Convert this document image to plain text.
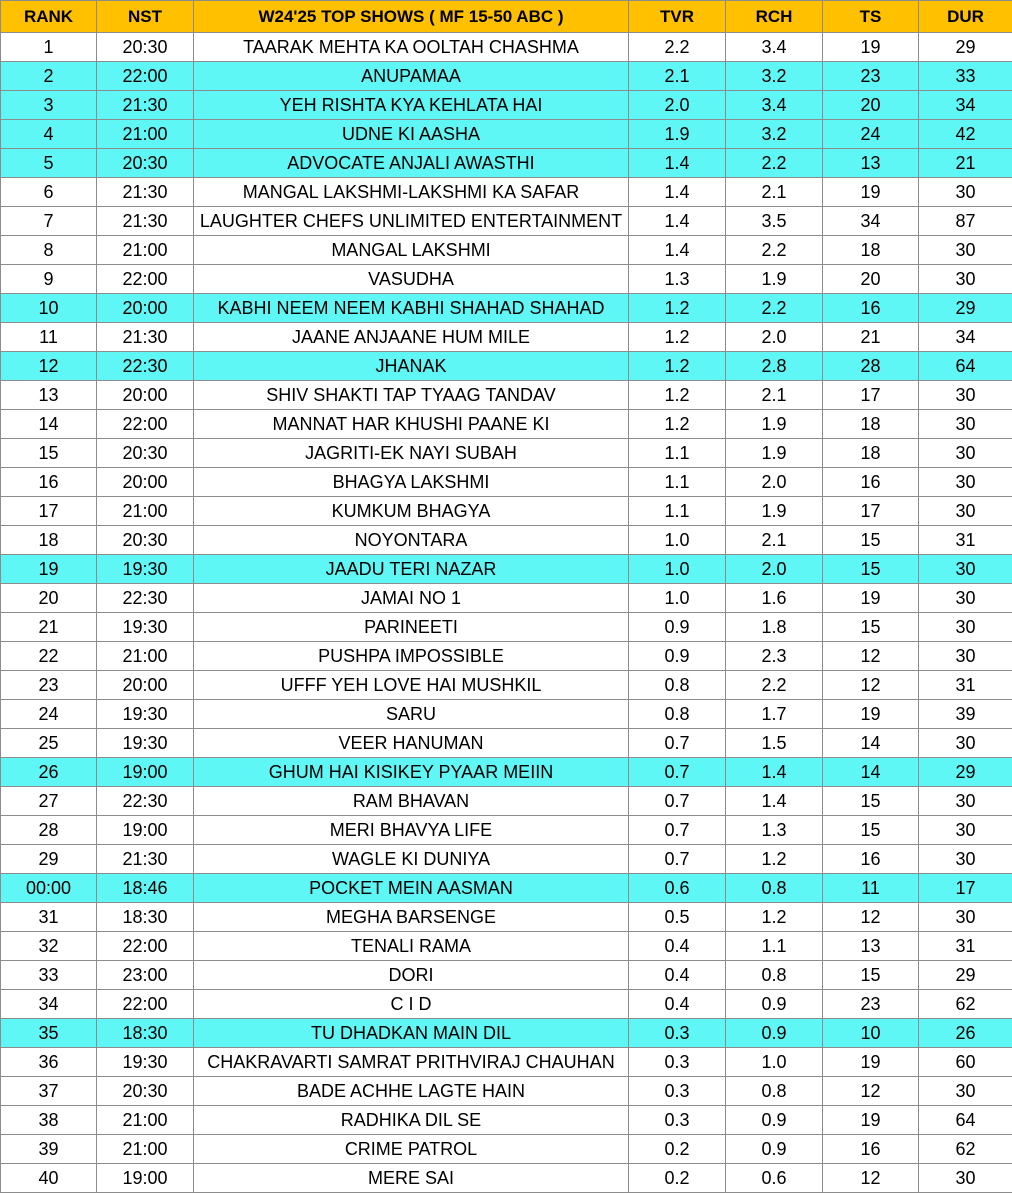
RANK	NST	W24'25 TOP SHOWS ( MF 15-50 ABC )	TVR	RCH	TS	DUR
1	20:30	TAARAK MEHTA KA OOLTAH CHASHMA	2.2	3.4	19	29
2	22:00	ANUPAMAA	2.1	3.2	23	33
3	21:30	YEH RISHTA KYA KEHLATA HAI	2.0	3.4	20	34
4	21:00	UDNE KI AASHA	1.9	3.2	24	42
5	20:30	ADVOCATE ANJALI AWASTHI	1.4	2.2	13	21
6	21:30	MANGAL LAKSHMI-LAKSHMI KA SAFAR	1.4	2.1	19	30
7	21:30	LAUGHTER CHEFS UNLIMITED ENTERTAINMENT	1.4	3.5	34	87
8	21:00	MANGAL LAKSHMI	1.4	2.2	18	30
9	22:00	VASUDHA	1.3	1.9	20	30
10	20:00	KABHI NEEM NEEM KABHI SHAHAD SHAHAD	1.2	2.2	16	29
11	21:30	JAANE ANJAANE HUM MILE	1.2	2.0	21	34
12	22:30	JHANAK	1.2	2.8	28	64
13	20:00	SHIV SHAKTI TAP TYAAG TANDAV	1.2	2.1	17	30
14	22:00	MANNAT HAR KHUSHI PAANE KI	1.2	1.9	18	30
15	20:30	JAGRITI-EK NAYI SUBAH	1.1	1.9	18	30
16	20:00	BHAGYA LAKSHMI	1.1	2.0	16	30
17	21:00	KUMKUM BHAGYA	1.1	1.9	17	30
18	20:30	NOYONTARA	1.0	2.1	15	31
19	19:30	JAADU TERI NAZAR	1.0	2.0	15	30
20	22:30	JAMAI NO 1	1.0	1.6	19	30
21	19:30	PARINEETI	0.9	1.8	15	30
22	21:00	PUSHPA IMPOSSIBLE	0.9	2.3	12	30
23	20:00	UFFF YEH LOVE HAI MUSHKIL	0.8	2.2	12	31
24	19:30	SARU	0.8	1.7	19	39
25	19:30	VEER HANUMAN	0.7	1.5	14	30
26	19:00	GHUM HAI KISIKEY PYAAR MEIIN	0.7	1.4	14	29
27	22:30	RAM BHAVAN	0.7	1.4	15	30
28	19:00	MERI BHAVYA LIFE	0.7	1.3	15	30
29	21:30	WAGLE KI DUNIYA	0.7	1.2	16	30
00:00	18:46	POCKET MEIN AASMAN	0.6	0.8	11	17
31	18:30	MEGHA BARSENGE	0.5	1.2	12	30
32	22:00	TENALI RAMA	0.4	1.1	13	31
33	23:00	DORI	0.4	0.8	15	29
34	22:00	C I D	0.4	0.9	23	62
35	18:30	TU DHADKAN MAIN DIL	0.3	0.9	10	26
36	19:30	CHAKRAVARTI SAMRAT PRITHVIRAJ CHAUHAN	0.3	1.0	19	60
37	20:30	BADE ACHHE LAGTE HAIN	0.3	0.8	12	30
38	21:00	RADHIKA DIL SE	0.3	0.9	19	64
39	21:00	CRIME PATROL	0.2	0.9	16	62
40	19:00	MERE SAI	0.2	0.6	12	30
